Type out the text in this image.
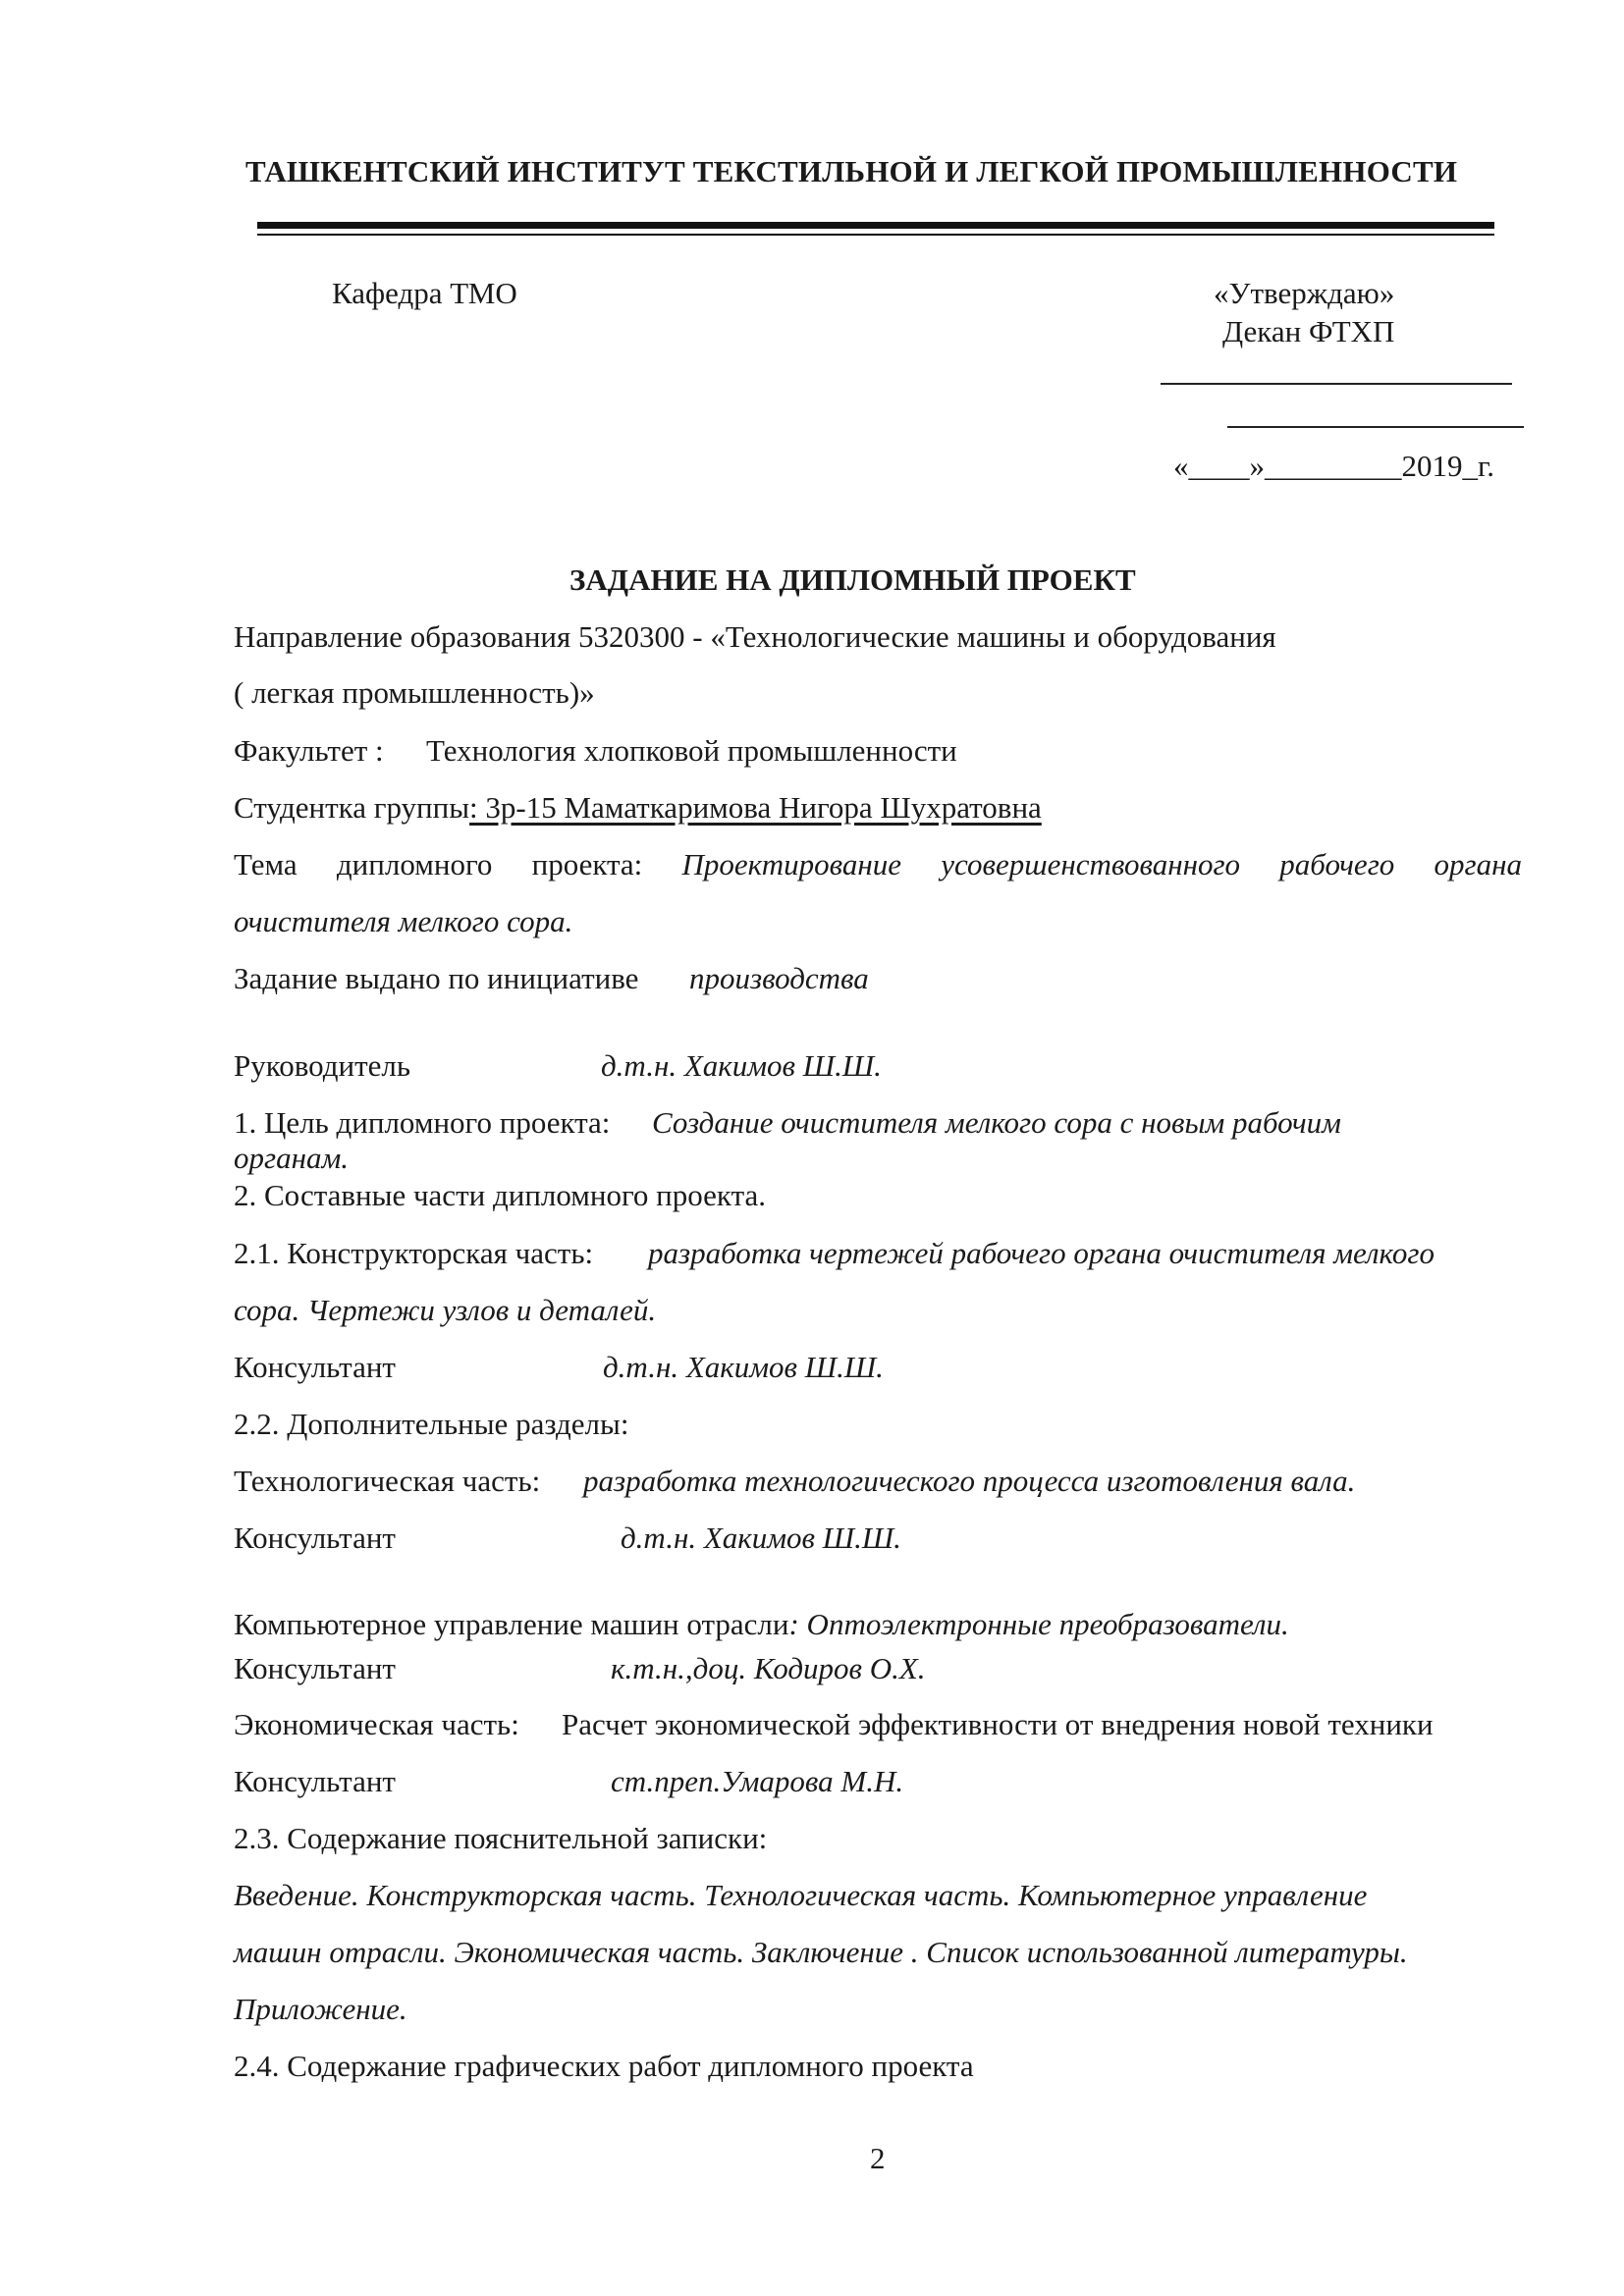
ТАШКЕНТСКИЙ ИНСТИТУТ ТЕКСТИЛЬНОЙ И ЛЕГКОЙ ПРОМЫШЛЕННОСТИ
Кафедра ТМО	«Утверждаю»
Декан ФТХП
«____»_________2019_г.
ЗАДАНИЕ НА ДИПЛОМНЫЙ ПРОЕКТ
Направление образования 5320300 - «Технологические машины и оборудования
( легкая промышленность)»
Факультет : Технология хлопковой промышленности
Студентка группы: 3р-15 Маматкаримова Нигора Шухратовна
Тема дипломного проекта: Проектирование усовершенствованного рабочего органа
очистителя мелкого сора.
Задание выдано по инициативе производства
Руководитель	д.т.н. Хакимов Ш.Ш.
1. Цель дипломного проекта: Создание очистителя мелкого сора с новым рабочим
органам.
2. Составные части дипломного проекта.
2.1. Конструкторская часть: разработка чертежей рабочего органа очистителя мелкого
сора. Чертежи узлов и деталей.
Консультант	д.т.н. Хакимов Ш.Ш.
2.2. Дополнительные разделы:
Технологическая часть: разработка технологического процесса изготовления вала.
Консультант	д.т.н. Хакимов Ш.Ш.
Компьютерное управление машин отрасли: Оптоэлектронные преобразователи.
Консультант	к.т.н.,доц. Кодиров О.Х.
Экономическая часть: Расчет экономической эффективности от внедрения новой техники
Консультант	ст.преп.Умарова М.Н.
2.3. Содержание пояснительной записки:
Введение. Конструкторская часть. Технологическая часть. Компьютерное управление
машин отрасли. Экономическая часть. Заключение . Список использованной литературы.
Приложение.
2.4. Содержание графических работ дипломного проекта
2
